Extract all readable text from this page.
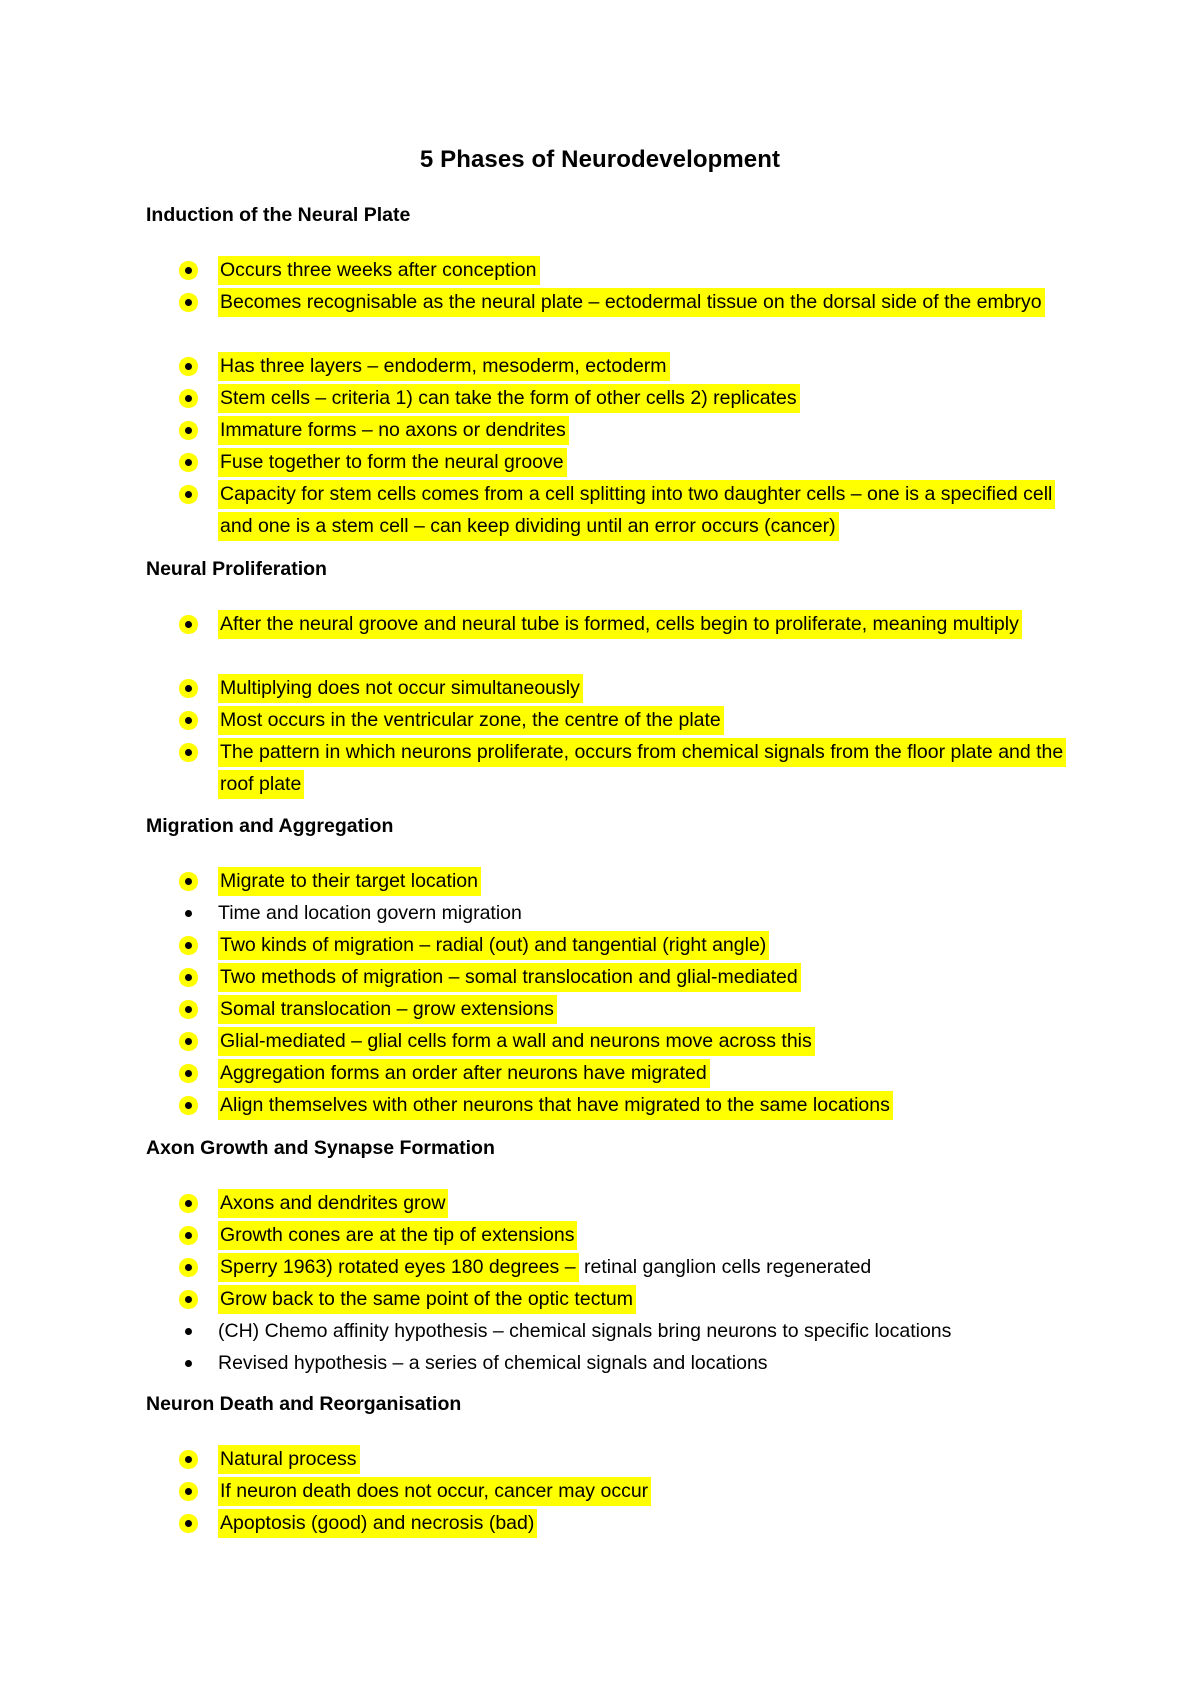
5 Phases of Neurodevelopment
Induction of the Neural Plate
Occurs three weeks after conception
Becomes recognisable as the neural plate – ectodermal tissue on the dorsal side of the embryo
Has three layers – endoderm, mesoderm, ectoderm
Stem cells – criteria 1) can take the form of other cells 2) replicates
Immature forms – no axons or dendrites
Fuse together to form the neural groove
Capacity for stem cells comes from a cell splitting into two daughter cells – one is a specified cell and one is a stem cell – can keep dividing until an error occurs (cancer)
Neural Proliferation
After the neural groove and neural tube is formed, cells begin to proliferate, meaning multiply
Multiplying does not occur simultaneously
Most occurs in the ventricular zone, the centre of the plate
The pattern in which neurons proliferate, occurs from chemical signals from the floor plate and the roof plate
Migration and Aggregation
Migrate to their target location
Time and location govern migration
Two kinds of migration – radial (out) and tangential (right angle)
Two methods of migration – somal translocation and glial-mediated
Somal translocation – grow extensions
Glial-mediated – glial cells form a wall and neurons move across this
Aggregation forms an order after neurons have migrated
Align themselves with other neurons that have migrated to the same locations
Axon Growth and Synapse Formation
Axons and dendrites grow
Growth cones are at the tip of extensions
Sperry 1963) rotated eyes 180 degrees – retinal ganglion cells regenerated
Grow back to the same point of the optic tectum
(CH) Chemo affinity hypothesis – chemical signals bring neurons to specific locations
Revised hypothesis – a series of chemical signals and locations
Neuron Death and Reorganisation
Natural process
If neuron death does not occur, cancer may occur
Apoptosis (good) and necrosis (bad)
